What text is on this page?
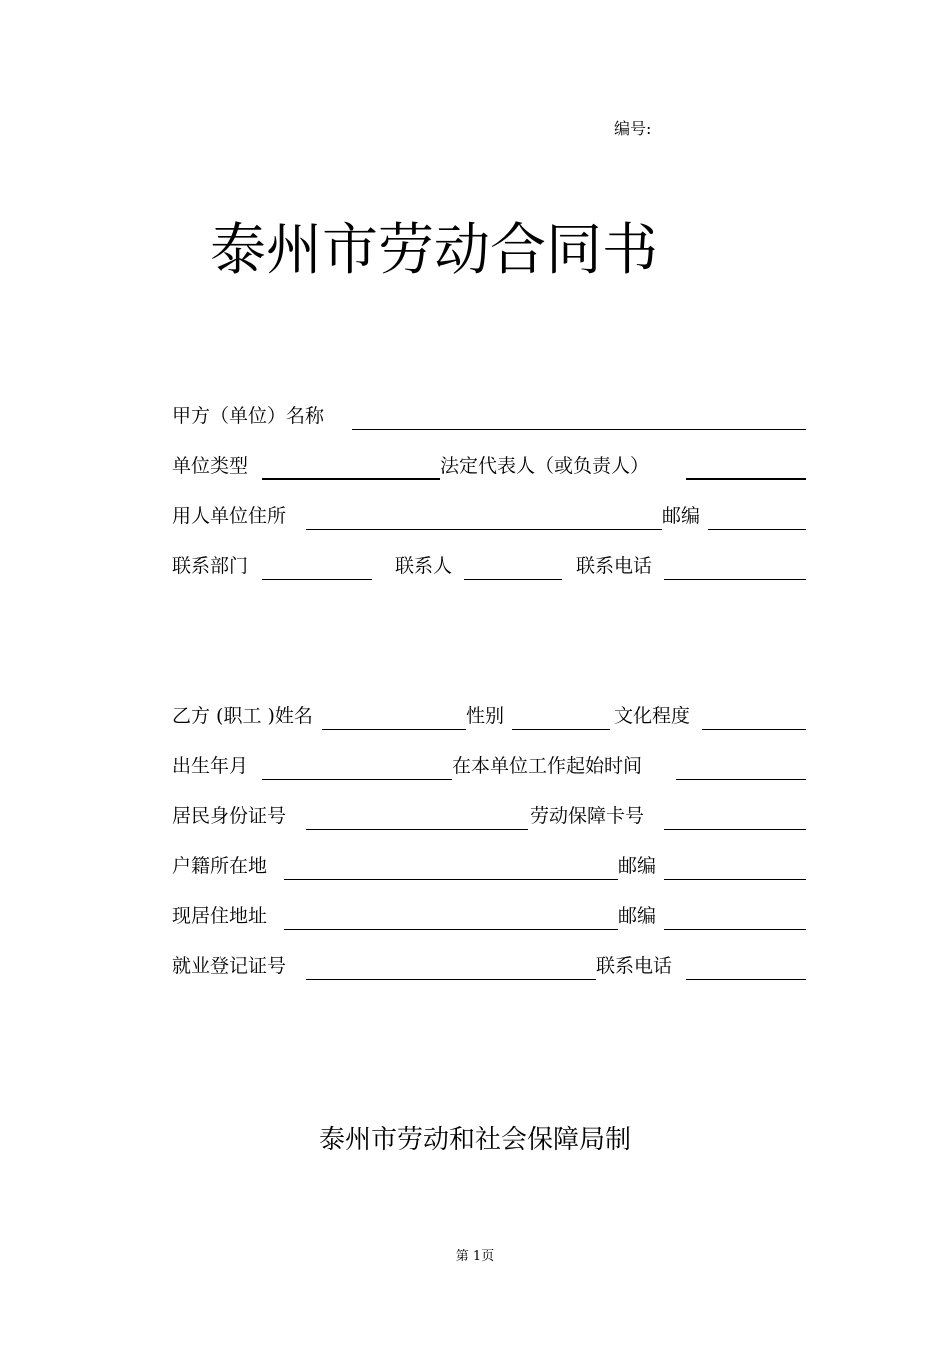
编号:
泰州市劳动合同书
甲方（单位）名称
单位类型	法定代表人（或负责人）
用人单位住所	邮编
联系部门	联系人	联系电话
乙方 (职工 )姓名	性别	文化程度
出生年月	在本单位工作起始时间
居民身份证号	劳动保障卡号
户籍所在地	邮编
现居住地址	邮编
就业登记证号	联系电话
泰州市劳动和社会保障局制
第 1页
